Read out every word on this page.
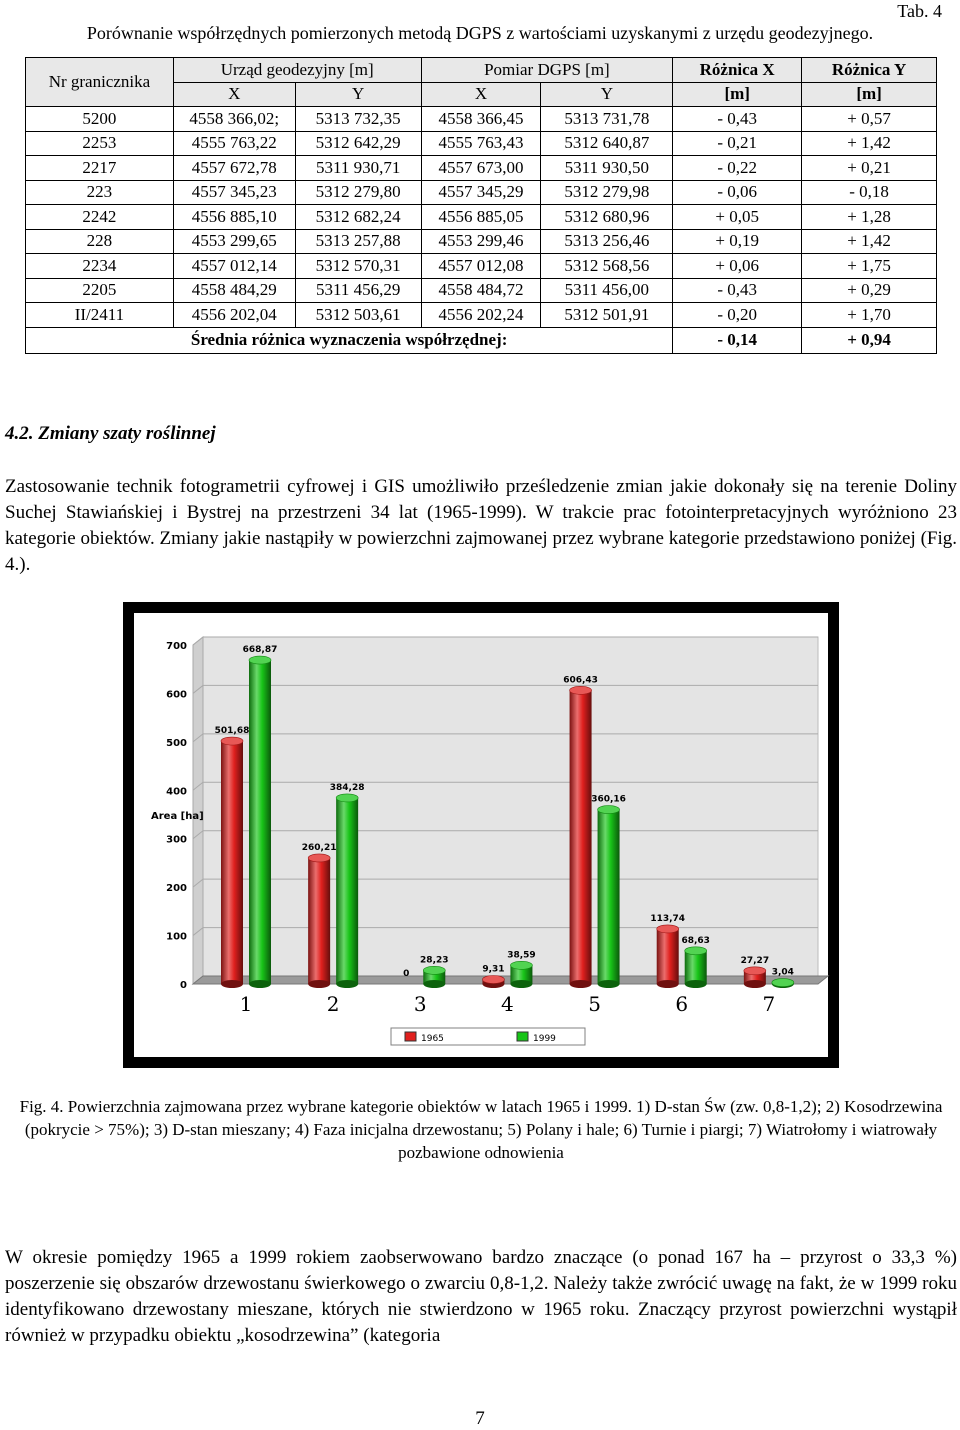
Tab. 4
Porównanie współrzędnych pomierzonych metodą DGPS z wartościami uzyskanymi z urzędu geodezyjnego.
Nr granicznika	Urząd geodezyjny [m]		Pomiar DGPS [m]		Różnica X	Różnica Y
	X	Y	X	Y	[m]	[m]
5200	4558 366,02;	5313 732,35	4558 366,45	5313 731,78	- 0,43	+ 0,57
2253	4555 763,22	5312 642,29	4555 763,43	5312 640,87	- 0,21	+ 1,42
2217	4557 672,78	5311 930,71	4557 673,00	5311 930,50	- 0,22	+ 0,21
223	4557 345,23	5312 279,80	4557 345,29	5312 279,98	- 0,06	- 0,18
2242	4556 885,10	5312 682,24	4556 885,05	5312 680,96	+ 0,05	+ 1,28
228	4553 299,65	5313 257,88	4553 299,46	5313 256,46	+ 0,19	+ 1,42
2234	4557 012,14	5312 570,31	4557 012,08	5312 568,56	+ 0,06	+ 1,75
2205	4558 484,29	5311 456,29	4558 484,72	5311 456,00	- 0,43	+ 0,29
II/2411	4556 202,04	5312 503,61	4556 202,24	5312 501,91	- 0,20	+ 1,70
Średnia różnica wyznaczenia współrzędnej:					- 0,14	+ 0,94
4.2. Zmiany szaty roślinnej

Zastosowanie technik fotogrametrii cyfrowej i GIS umożliwiło prześledzenie zmian jakie dokonały się na terenie Doliny Suchej Stawiańskiej i Bystrej na przestrzeni 34 lat (1965-1999). W trakcie prac fotointerpretacyjnych wyróżniono 23 kategorie obiektów. Zmiany jakie nastąpiły w powierzchni zajmowanej przez wybrane kategorie przedstawiono poniżej (Fig. 4.).

0
100
200
300
400
500
600
700
Area [ha]
501,68
668,87
1
260,21
384,28
2
0
28,23
3
9,31
38,59
4
606,43
360,16
5
113,74
68,63
6
27,27
3,04
7
1965	1999
Fig. 4. Powierzchnia zajmowana przez wybrane kategorie obiektów w latach 1965 i 1999. 1) D-stan Św (zw. 0,8-1,2); 2) Kosodrzewina (pokrycie > 75%); 3) D-stan mieszany; 4) Faza inicjalna drzewostanu; 5) Polany i hale; 6) Turnie i piargi; 7) Wiatrołomy i wiatrowały pozbawione odnowienia

W okresie pomiędzy 1965 a 1999 rokiem zaobserwowano bardzo znaczące (o ponad 167 ha – przyrost o 33,3 %) poszerzenie się obszarów drzewostanu świerkowego o zwarciu 0,8-1,2. Należy także zwrócić uwagę na fakt, że w 1999 roku identyfikowano drzewostany mieszane, których nie stwierdzono w 1965 roku. Znaczący przyrost powierzchni wystąpił również w przypadku obiektu „kosodrzewina” (kategoria

7
